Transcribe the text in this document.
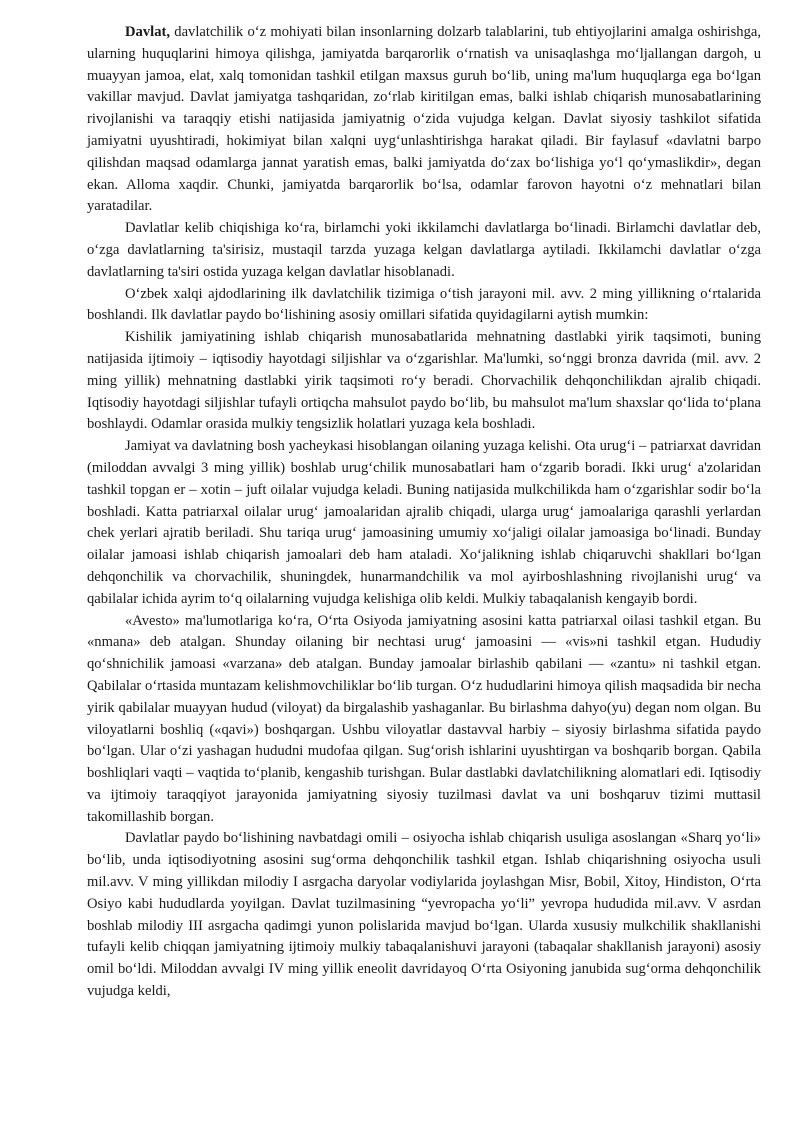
Davlat, davlatchilik o‘z mohiyati bilan insonlarning dolzarb talablarini, tub ehtiyojlarini amalga oshirishga, ularning huquqlarini himoya qilishga, jamiyatda barqarorlik o‘rnatish va unisaqlashga mo‘ljallangan dargoh, u muayyan jamoa, elat, xalq tomonidan tashkil etilgan maxsus guruh bo‘lib, uning ma'lum huquqlarga ega bo‘lgan vakillar mavjud. Davlat jamiyatga tashqaridan, zo‘rlab kiritilgan emas, balki ishlab chiqarish munosabatlarining rivojlanishi va taraqqiy etishi natijasida jamiyatnig o‘zida vujudga kelgan. Davlat siyosiy tashkilot sifatida jamiyatni uyushtiradi, hokimiyat bilan xalqni uyg‘unlashtirishga harakat qiladi. Bir faylasuf «davlatni barpo qilishdan maqsad odamlarga jannat yaratish emas, balki jamiyatda do‘zax bo‘lishiga yo‘l qo‘ymaslikdir», degan ekan. Alloma xaqdir. Chunki, jamiyatda barqarorlik bo‘lsa, odamlar farovon hayotni o‘z mehnatlari bilan yaratadilar.

Davlatlar kelib chiqishiga ko‘ra, birlamchi yoki ikkilamchi davlatlarga bo‘linadi. Birlamchi davlatlar deb, o‘zga davlatlarning ta'sirisiz, mustaqil tarzda yuzaga kelgan davlatlarga aytiladi. Ikkilamchi davlatlar o‘zga davlatlarning ta'siri ostida yuzaga kelgan davlatlar hisoblanadi.

O‘zbek xalqi ajdodlarining ilk davlatchilik tizimiga o‘tish jarayoni mil. avv. 2 ming yillikning o‘rtalarida boshlandi. Ilk davlatlar paydo bo‘lishining asosiy omillari sifatida quyidagilarni aytish mumkin:

Kishilik jamiyatining ishlab chiqarish munosabatlarida mehnatning dastlabki yirik taqsimoti, buning natijasida ijtimoiy – iqtisodiy hayotdagi siljishlar va o‘zgarishlar. Ma'lumki, so‘nggi bronza davrida (mil. avv. 2 ming yillik) mehnatning dastlabki yirik taqsimoti ro‘y beradi. Chorvachilik dehqonchilikdan ajralib chiqadi. Iqtisodiy hayotdagi siljishlar tufayli ortiqcha mahsulot paydo bo‘lib, bu mahsulot ma'lum shaxslar qo‘lida to‘plana boshlaydi. Odamlar orasida mulkiy tengsizlik holatlari yuzaga kela boshladi.

Jamiyat va davlatning bosh yacheykasi hisoblangan oilaning yuzaga kelishi. Ota urug‘i – patriarxat davridan (miloddan avvalgi 3 ming yillik) boshlab urug‘chilik munosabatlari ham o‘zgarib boradi. Ikki urug‘ a'zolaridan tashkil topgan er – xotin – juft oilalar vujudga keladi. Buning natijasida mulkchilikda ham o‘zgarishlar sodir bo‘la boshladi. Katta patriarxal oilalar urug‘ jamoalaridan ajralib chiqadi, ularga urug‘ jamoalariga qarashli yerlardan chek yerlari ajratib beriladi. Shu tariqa urug‘ jamoasining umumiy xo‘jaligi oilalar jamoasiga bo‘linadi. Bunday oilalar jamoasi ishlab chiqarish jamoalari deb ham ataladi. Xo‘jalikning ishlab chiqaruvchi shakllari bo‘lgan dehqonchilik va chorvachilik, shuningdek, hunarmandchilik va mol ayirboshlashning rivojlanishi urug‘ va qabilalar ichida ayrim to‘q oilalarning vujudga kelishiga olib keldi. Mulkiy tabaqalanish kengayib bordi.

«Avesto» ma'lumotlariga ko‘ra, O‘rta Osiyoda jamiyatning asosini katta patriarxal oilasi tashkil etgan. Bu «nmana» deb atalgan. Shunday oilaning bir nechtasi urug‘ jamoasini — «vis»ni tashkil etgan. Hududiy qo‘shnichilik jamoasi «varzana» deb atalgan. Bunday jamoalar birlashib qabilani — «zantu» ni tashkil etgan. Qabilalar o‘rtasida muntazam kelishmovchiliklar bo‘lib turgan. O‘z hududlarini himoya qilish maqsadida bir necha yirik qabilalar muayyan hudud (viloyat) da birgalashib yashaganlar. Bu birlashma dahyo(yu) degan nom olgan. Bu viloyatlarni boshliq («qavi») boshqargan. Ushbu viloyatlar dastavval harbiy – siyosiy birlashma sifatida paydo bo‘lgan. Ular o‘zi yashagan hududni mudofaa qilgan. Sug‘orish ishlarini uyushtirgan va boshqarib borgan. Qabila boshliqlari vaqti – vaqtida to‘planib, kengashib turishgan. Bular dastlabki davlatchilikning alomatlari edi. Iqtisodiy va ijtimoiy taraqqiyot jarayonida jamiyatning siyosiy tuzilmasi davlat va uni boshqaruv tizimi muttasil takomillashib borgan.

Davlatlar paydo bo‘lishining navbatdagi omili – osiyocha ishlab chiqarish usuliga asoslangan «Sharq yo‘li» bo‘lib, unda iqtisodiyotning asosini sug‘orma dehqonchilik tashkil etgan. Ishlab chiqarishning osiyocha usuli mil.avv. V ming yillikdan milodiy I asrgacha daryolar vodiylarida joylashgan Misr, Bobil, Xitoy, Hindiston, O‘rta Osiyo kabi hududlarda yoyilgan. Davlat tuzilmasining “yevropacha yo‘li” yevropa hududida mil.avv. V asrdan boshlab milodiy III asrgacha qadimgi yunon polislarida mavjud bo‘lgan. Ularda xususiy mulkchilik shakllanishi tufayli kelib chiqqan jamiyatning ijtimoiy mulkiy tabaqalanishuvi jarayoni (tabaqalar shakllanish jarayoni) asosiy omil bo‘ldi. Miloddan avvalgi IV ming yillik eneolit davridayoq O‘rta Osiyoning janubida sug‘orma dehqonchilik vujudga keldi,
